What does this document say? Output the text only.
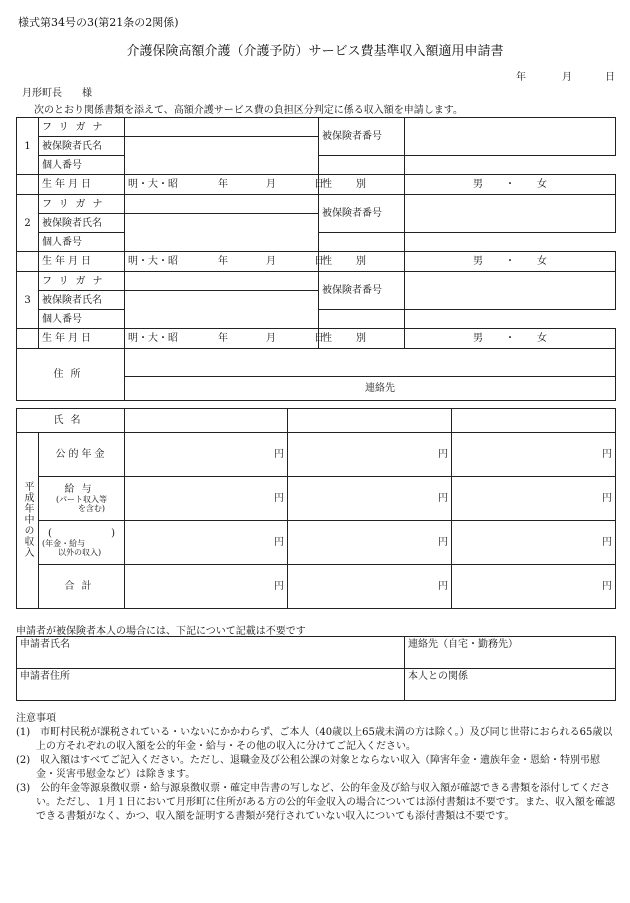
様式第34号の3(第21条の2関係)
介護保険高額介護（介護予防）サービス費基準収入額適用申請書
年	月	日
月形町長　　様
次のとおり関係書類を添えて、高額介護サービス費の負担区分判定に係る収入額を申請します。
1	フリガナ		被保険者番号	

	被保険者氏名			
	個人番号			

	生年月日	明・大・昭 年 月 日	性　別	男 ・ 女
2	フリガナ		被保険者番号	

	被保険者氏名			
	個人番号			

	生年月日	明・大・昭 年 月 日	性　別	男 ・ 女
3	フリガナ		被保険者番号	

	被保険者氏名			
	個人番号			

	生年月日	明・大・昭 年 月 日	性　別	男 ・ 女
住所				
		連絡先		
氏名				
平成年中の収入	公的年金	円	円	円

	給与
(パート収入等
を含む)	円	円	円

	( )
(年金・給与
以外の収入)	円	円	円
	合計	円	円	円
申請者が被保険者本人の場合には、下記について記載は不要です
申請者氏名	連絡先（自宅・勤務先）
申請者住所	本人との関係
注意事項
(1)　市町村民税が課税されている・いないにかかわらず、ご本人（40歳以上65歳未満の方は除く。）及び同じ世帯におられる65歳以上の方それぞれの収入額を公的年金・給与・その他の収入に分けてご記入ください。
(2)　収入額はすべてご記入ください。ただし、退職金及び公租公課の対象とならない収入（障害年金・遺族年金・恩給・特別弔慰金・災害弔慰金など）は除きます。
(3)　公的年金等源泉徴収票・給与源泉徴収票・確定申告書の写しなど、公的年金及び給与収入額が確認できる書類を添付してください。ただし、１月１日において月形町に住所がある方の公的年金収入の場合については添付書類は不要です。また、収入額を確認できる書類がなく、かつ、収入額を証明する書類が発行されていない収入についても添付書類は不要です。
